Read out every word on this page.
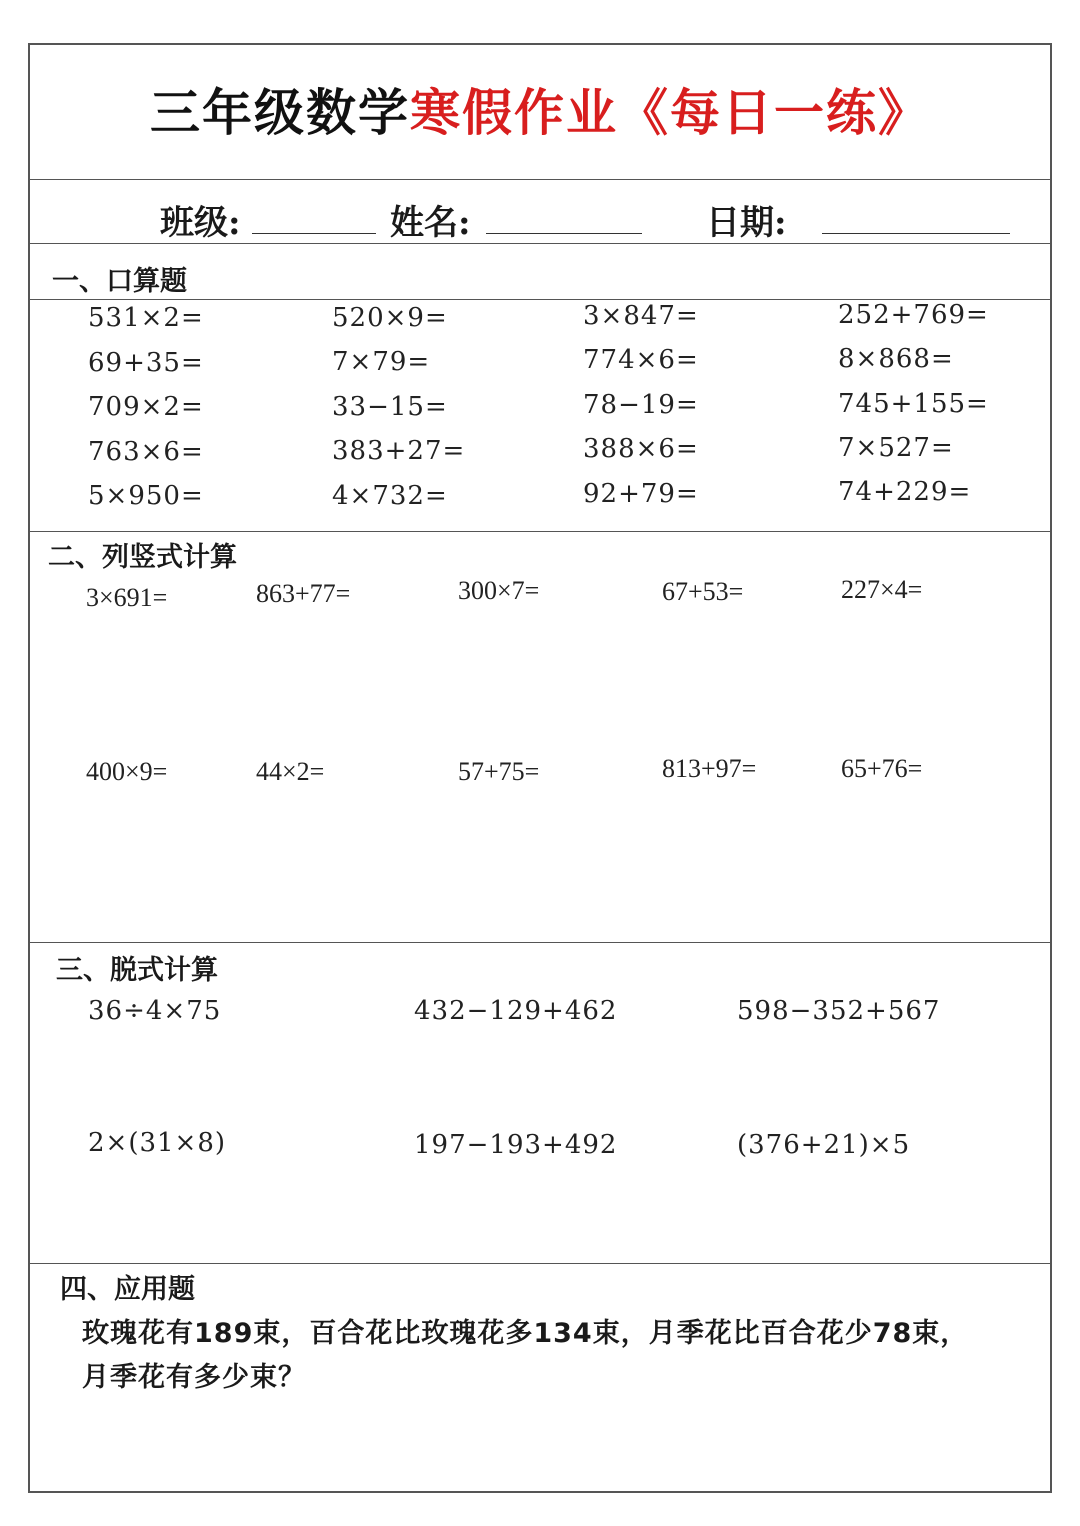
三年级数学寒假作业《每日一练》
班级:	姓名:	日期:
一、口算题
531×2=	520×9=	3×847=	252+769=
69+35=	7×79=	774×6=	8×868=
709×2=	33−15=	78−19=	745+155=
763×6=	383+27=	388×6=	7×527=
5×950=	4×732=	92+79=	74+229=
二、列竖式计算
3×691=	863+77=	300×7=	67+53=	227×4=
400×9=	44×2=	57+75=	813+97=	65+76=
三、脱式计算
36÷4×75	432−129+462	598−352+567
2×(31×8)	197−193+492	(376+21)×5
四、应用题
玫瑰花有189束，百合花比玫瑰花多134束，月季花比百合花少78束，
月季花有多少束？
